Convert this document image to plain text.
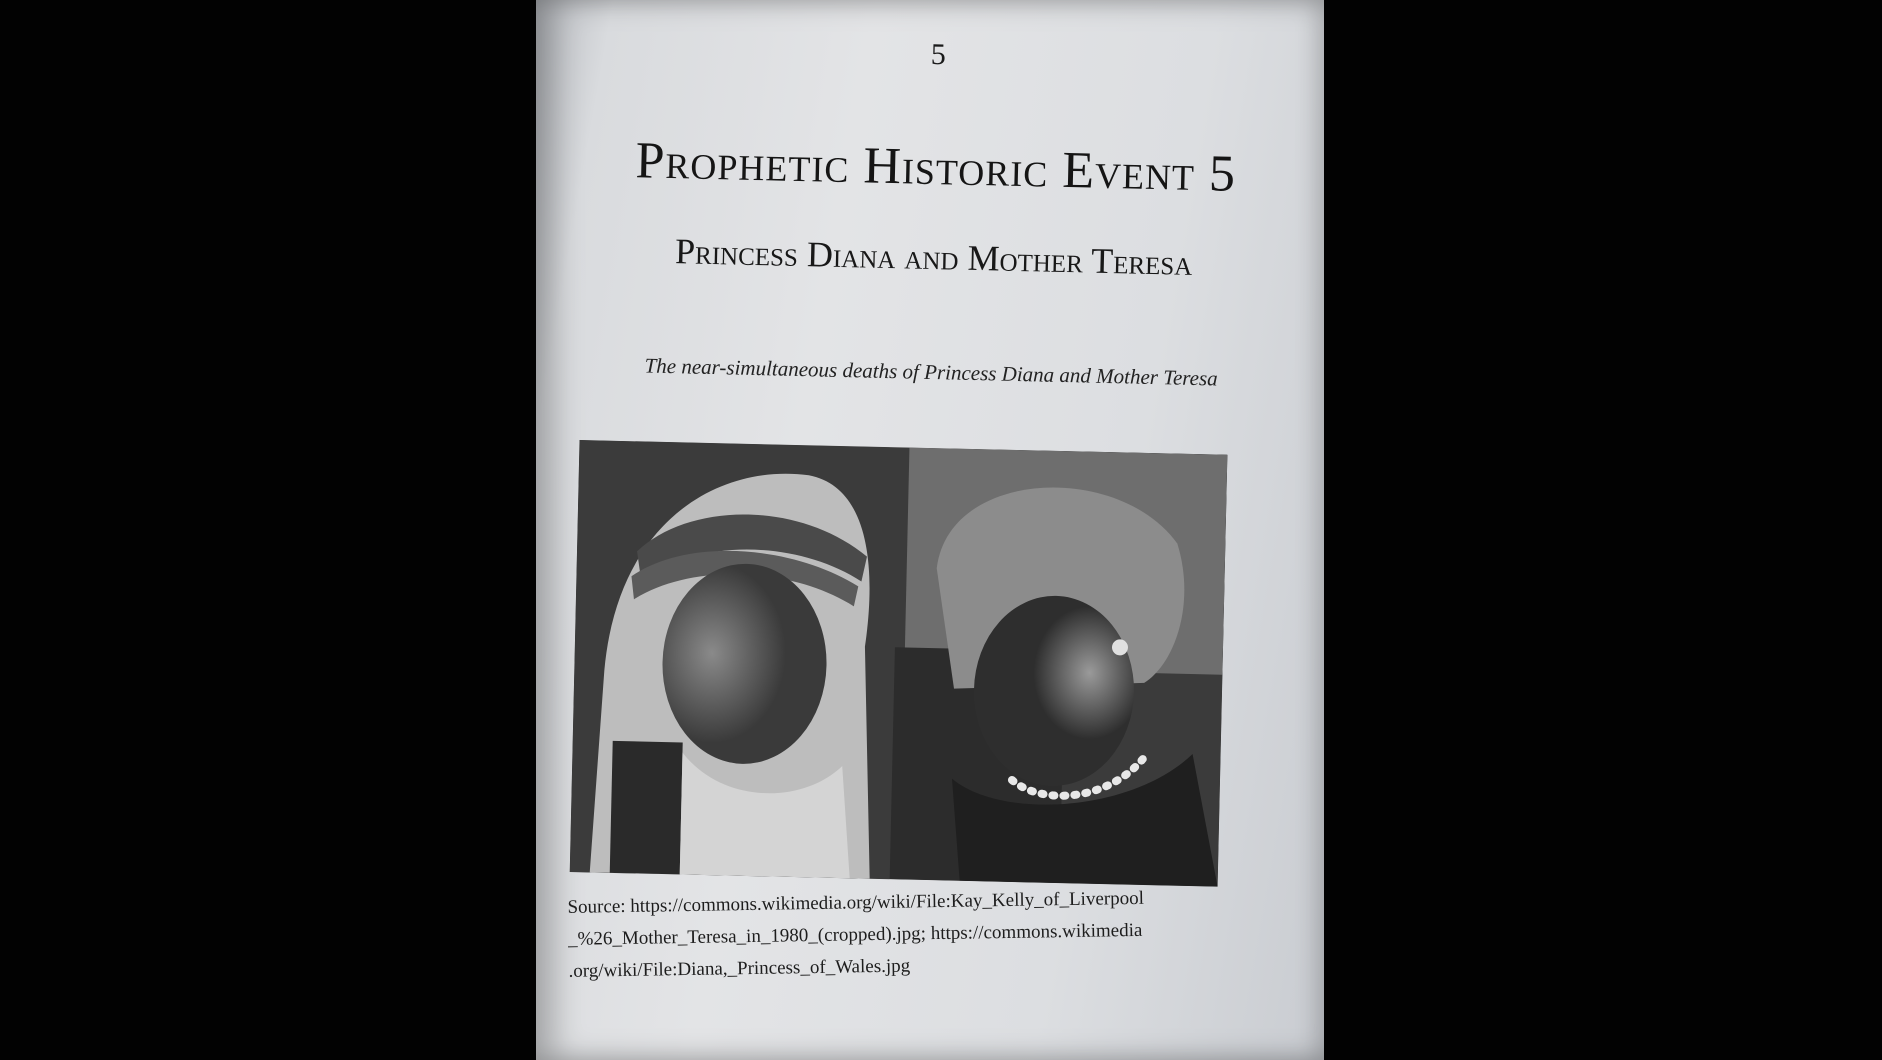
5
Prophetic Historic Event 5
Princess Diana and Mother Teresa
The near-simultaneous deaths of Princess Diana and Mother Teresa
Source: https://commons.wikimedia.org/wiki/File:Kay_Kelly_of_Liverpool
_%26_Mother_Teresa_in_1980_(cropped).jpg; https://commons.wikimedia
.org/wiki/File:Diana,_Princess_of_Wales.jpg
